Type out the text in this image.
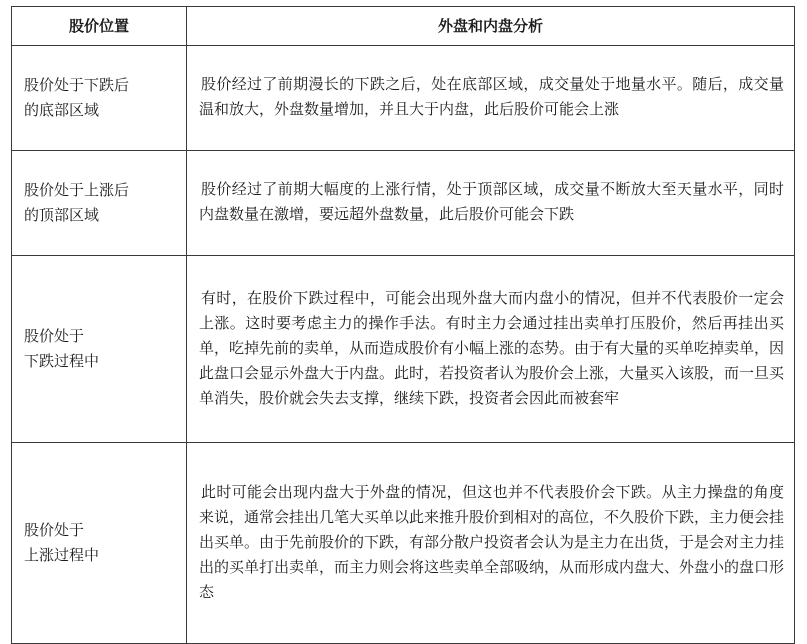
股价位置	外盘和内盘分析

股价处于下跌后
的底部区域	股价经过了前期漫长的下跌之后，处在底部区域，成交量处于地量水平。随后，成交量温和放大，外盘数量增加，并且大于内盘，此后股价可能会上涨

股价处于上涨后
的顶部区域	股价经过了前期大幅度的上涨行情，处于顶部区域，成交量不断放大至天量水平，同时内盘数量在激增，要远超外盘数量，此后股价可能会下跌

股价处于
下跌过程中	有时，在股价下跌过程中，可能会出现外盘大而内盘小的情况，但并不代表股价一定会上涨。这时要考虑主力的操作手法。有时主力会通过挂出卖单打压股价，然后再挂出买单，吃掉先前的卖单，从而造成股价有小幅上涨的态势。由于有大量的买单吃掉卖单，因此盘口会显示外盘大于内盘。此时，若投资者认为股价会上涨，大量买入该股，而一旦买单消失，股价就会失去支撑，继续下跌，投资者会因此而被套牢

股价处于
上涨过程中	此时可能会出现内盘大于外盘的情况，但这也并不代表股价会下跌。从主力操盘的角度来说，通常会挂出几笔大买单以此来推升股价到相对的高位，不久股价下跌，主力便会挂出买单。由于先前股价的下跌，有部分散户投资者会认为是主力在出货，于是会对主力挂出的买单打出卖单，而主力则会将这些卖单全部吸纳，从而形成内盘大、外盘小的盘口形态
